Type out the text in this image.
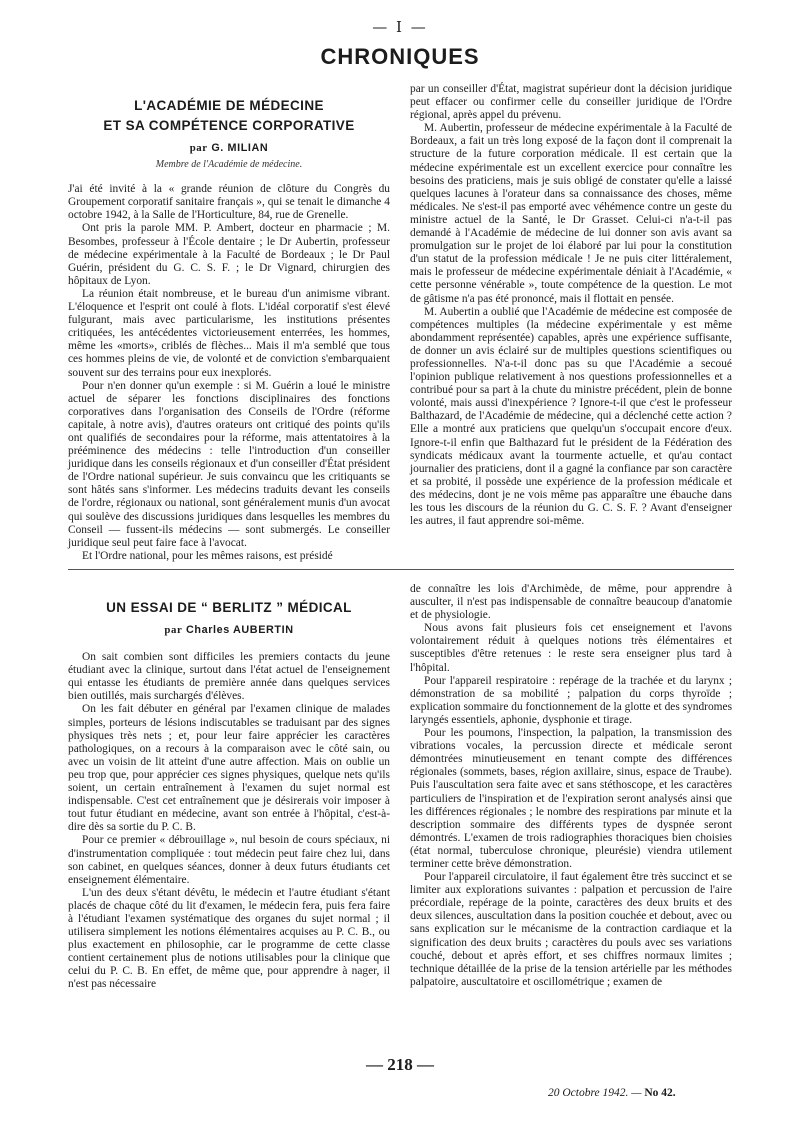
— I —
CHRONIQUES
L'ACADÉMIE DE MÉDECINE
ET SA COMPÉTENCE CORPORATIVE
par G. MILIAN
Membre de l'Académie de médecine.

J'ai été invité à la « grande réunion de clôture du Congrès du Groupement corporatif sanitaire français », qui se tenait le dimanche 4 octobre 1942, à la Salle de l'Horticulture, 84, rue de Grenelle.

Ont pris la parole MM. P. Ambert, docteur en pharmacie ; M. Besombes, professeur à l'École dentaire ; le Dr Aubertin, professeur de médecine expérimentale à la Faculté de Bordeaux ; le Dr Paul Guérin, président du G. C. S. F. ; le Dr Vignard, chirurgien des hôpitaux de Lyon.

La réunion était nombreuse, et le bureau d'un animisme vibrant. L'éloquence et l'esprit ont coulé à flots. L'idéal corporatif s'est élevé fulgurant, mais avec particularisme, les institutions présentes critiquées, les antécédentes victorieusement enterrées, les hommes, même les «morts», criblés de flèches... Mais il m'a semblé que tous ces hommes pleins de vie, de volonté et de conviction s'embarquaient souvent sur des terrains pour eux inexplorés.

Pour n'en donner qu'un exemple : si M. Guérin a loué le ministre actuel de séparer les fonctions disciplinaires des fonctions corporatives dans l'organisation des Conseils de l'Ordre (réforme capitale, à notre avis), d'autres orateurs ont critiqué des points qu'ils ont qualifiés de secondaires pour la réforme, mais attentatoires à la prééminence des médecins : telle l'introduction d'un conseiller juridique dans les conseils régionaux et d'un conseiller d'État président de l'Ordre national supérieur. Je suis convaincu que les critiquants se sont hâtés sans s'informer. Les médecins traduits devant les conseils de l'ordre, régionaux ou national, sont généralement munis d'un avocat qui soulève des discussions juridiques dans lesquelles les membres du Conseil — fussent-ils médecins — sont submergés. Le conseiller juridique seul peut faire face à l'avocat.

Et l'Ordre national, pour les mêmes raisons, est présidé

par un conseiller d'État, magistrat supérieur dont la décision juridique peut effacer ou confirmer celle du conseiller juridique de l'Ordre régional, après appel du prévenu.

M. Aubertin, professeur de médecine expérimentale à la Faculté de Bordeaux, a fait un très long exposé de la façon dont il comprenait la structure de la future corporation médicale. Il est certain que la médecine expérimentale est un excellent exercice pour connaître les besoins des praticiens, mais je suis obligé de constater qu'elle a laissé quelques lacunes à l'orateur dans sa connaissance des choses, même médicales. Ne s'est-il pas emporté avec véhémence contre un geste du ministre actuel de la Santé, le Dr Grasset. Celui-ci n'a-t-il pas demandé à l'Académie de médecine de lui donner son avis avant sa promulgation sur le projet de loi élaboré par lui pour la constitution d'un statut de la profession médicale ! Je ne puis citer littéralement, mais le professeur de médecine expérimentale déniait à l'Académie, « cette personne vénérable », toute compétence de la question. Le mot de gâtisme n'a pas été prononcé, mais il flottait en pensée.

M. Aubertin a oublié que l'Académie de médecine est composée de compétences multiples (la médecine expérimentale y est même abondamment représentée) capables, après une expérience suffisante, de donner un avis éclairé sur de multiples questions scientifiques ou professionnelles. N'a-t-il donc pas su que l'Académie a secoué l'opinion publique relativement à nos questions professionnelles et a contribué pour sa part à la chute du ministre précédent, plein de bonne volonté, mais aussi d'inexpérience ? Ignore-t-il que c'est le professeur Balthazard, de l'Académie de médecine, qui a déclenché cette action ? Elle a montré aux praticiens que quelqu'un s'occupait encore d'eux. Ignore-t-il enfin que Balthazard fut le président de la Fédération des syndicats médicaux avant la tourmente actuelle, et qu'au contact journalier des praticiens, dont il a gagné la confiance par son caractère et sa probité, il possède une expérience de la profession médicale et des médecins, dont je ne vois même pas apparaître une ébauche dans les tous les discours de la réunion du G. C. S. F. ? Avant d'enseigner les autres, il faut apprendre soi-même.

UN ESSAI DE “ BERLITZ ” MÉDICAL
par Charles AUBERTIN

On sait combien sont difficiles les premiers contacts du jeune étudiant avec la clinique, surtout dans l'état actuel de l'enseignement qui entasse les étudiants de première année dans quelques services bien outillés, mais surchargés d'élèves.

On les fait débuter en général par l'examen clinique de malades simples, porteurs de lésions indiscutables se traduisant par des signes physiques très nets ; et, pour leur faire apprécier les caractères pathologiques, on a recours à la comparaison avec le côté sain, ou avec un voisin de lit atteint d'une autre affection. Mais on oublie un peu trop que, pour apprécier ces signes physiques, quelque nets qu'ils soient, un certain entraînement à l'examen du sujet normal est indispensable. C'est cet entraînement que je désirerais voir imposer à tout futur étudiant en médecine, avant son entrée à l'hôpital, c'est-à-dire dès sa sortie du P. C. B.

Pour ce premier « débrouillage », nul besoin de cours spéciaux, ni d'instrumentation compliquée : tout médecin peut faire chez lui, dans son cabinet, en quelques séances, donner à deux futurs étudiants cet enseignement élémentaire.

L'un des deux s'étant dévêtu, le médecin et l'autre étudiant s'étant placés de chaque côté du lit d'examen, le médecin fera, puis fera faire à l'étudiant l'examen systématique des organes du sujet normal ; il utilisera simplement les notions élémentaires acquises au P. C. B., ou plus exactement en philosophie, car le programme de cette classe contient certainement plus de notions utilisables pour la clinique que celui du P. C. B. En effet, de même que, pour apprendre à nager, il n'est pas nécessaire

de connaître les lois d'Archimède, de même, pour apprendre à ausculter, il n'est pas indispensable de connaître beaucoup d'anatomie et de physiologie.

Nous avons fait plusieurs fois cet enseignement et l'avons volontairement réduit à quelques notions très élémentaires et susceptibles d'être retenues : le reste sera enseigner plus tard à l'hôpital.

Pour l'appareil respiratoire : repérage de la trachée et du larynx ; démonstration de sa mobilité ; palpation du corps thyroïde ; explication sommaire du fonctionnement de la glotte et des syndromes laryngés essentiels, aphonie, dysphonie et tirage.

Pour les poumons, l'inspection, la palpation, la transmission des vibrations vocales, la percussion directe et médicale seront démontrées minutieusement en tenant compte des différences régionales (sommets, bases, région axillaire, sinus, espace de Traube). Puis l'auscultation sera faite avec et sans stéthoscope, et les caractères particuliers de l'inspiration et de l'expiration seront analysés ainsi que les différences régionales ; le nombre des respirations par minute et la description sommaire des différents types de dyspnée seront démontrés. L'examen de trois radiographies thoraciques bien choisies (état normal, tuberculose chronique, pleurésie) viendra utilement terminer cette brève démonstration.

Pour l'appareil circulatoire, il faut également être très succinct et se limiter aux explorations suivantes : palpation et percussion de l'aire précordiale, repérage de la pointe, caractères des deux bruits et des deux silences, auscultation dans la position couchée et debout, avec ou sans explication sur le mécanisme de la contraction cardiaque et la signification des deux bruits ; caractères du pouls avec ses variations couché, debout et après effort, et ses chiffres normaux limites ; technique détaillée de la prise de la tension artérielle par les méthodes palpatoire, auscultatoire et oscillométrique ; examen de

— 218 —
20 Octobre 1942. — No 42.
